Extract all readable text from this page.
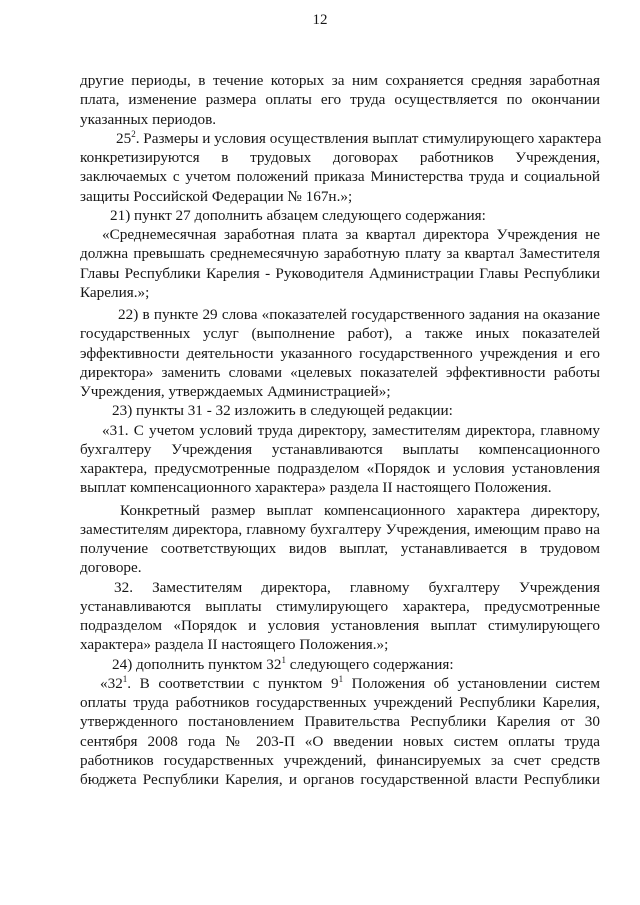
12
другие периоды, в течение которых за ним сохраняется средняя заработная
плата, изменение размера оплаты его труда осуществляется по окончании
указанных периодов.
$25^2$. Размеры и условия осуществления выплат стимулирующего характера
конкретизируются в трудовых договорах работников Учреждения,
заключаемых с учетом положений приказа Министерства труда и социальной
защиты Российской Федерации № 167н.»;
21) пункт 27 дополнить абзацем следующего содержания:
«Среднемесячная заработная плата за квартал директора Учреждения не
должна превышать среднемесячную заработную плату за квартал Заместителя
Главы Республики Карелия - Руководителя Администрации Главы Республики
Карелия.»;
22) в пункте 29 слова «показателей государственного задания на оказание
государственных услуг (выполнение работ), а также иных показателей
эффективности деятельности указанного государственного учреждения и его
директора» заменить словами «целевых показателей эффективности работы
Учреждения, утверждаемых Администрацией»;
23) пункты 31 - 32 изложить в следующей редакции:
«31. С учетом условий труда директору, заместителям директора, главному
бухгалтеру Учреждения устанавливаются выплаты компенсационного
характера, предусмотренные подразделом «Порядок и условия установления
выплат компенсационного характера» раздела II настоящего Положения.
Конкретный размер выплат компенсационного характера директору,
заместителям директора, главному бухгалтеру Учреждения, имеющим право на
получение соответствующих видов выплат, устанавливается в трудовом
договоре.
32. Заместителям директора, главному бухгалтеру Учреждения
устанавливаются выплаты стимулирующего характера, предусмотренные
подразделом «Порядок и условия установления выплат стимулирующего
характера» раздела II настоящего Положения.»;
24) дополнить пунктом $32^1$ следующего содержания:
«$32^1$. В соответствии с пунктом $9^1$ Положения об установлении систем
оплаты труда работников государственных учреждений Республики Карелия,
утвержденного постановлением Правительства Республики Карелия от 30
сентября 2008 года № 203-П «О введении новых систем оплаты труда
работников государственных учреждений, финансируемых за счет средств
бюджета Республики Карелия, и органов государственной власти Республики
